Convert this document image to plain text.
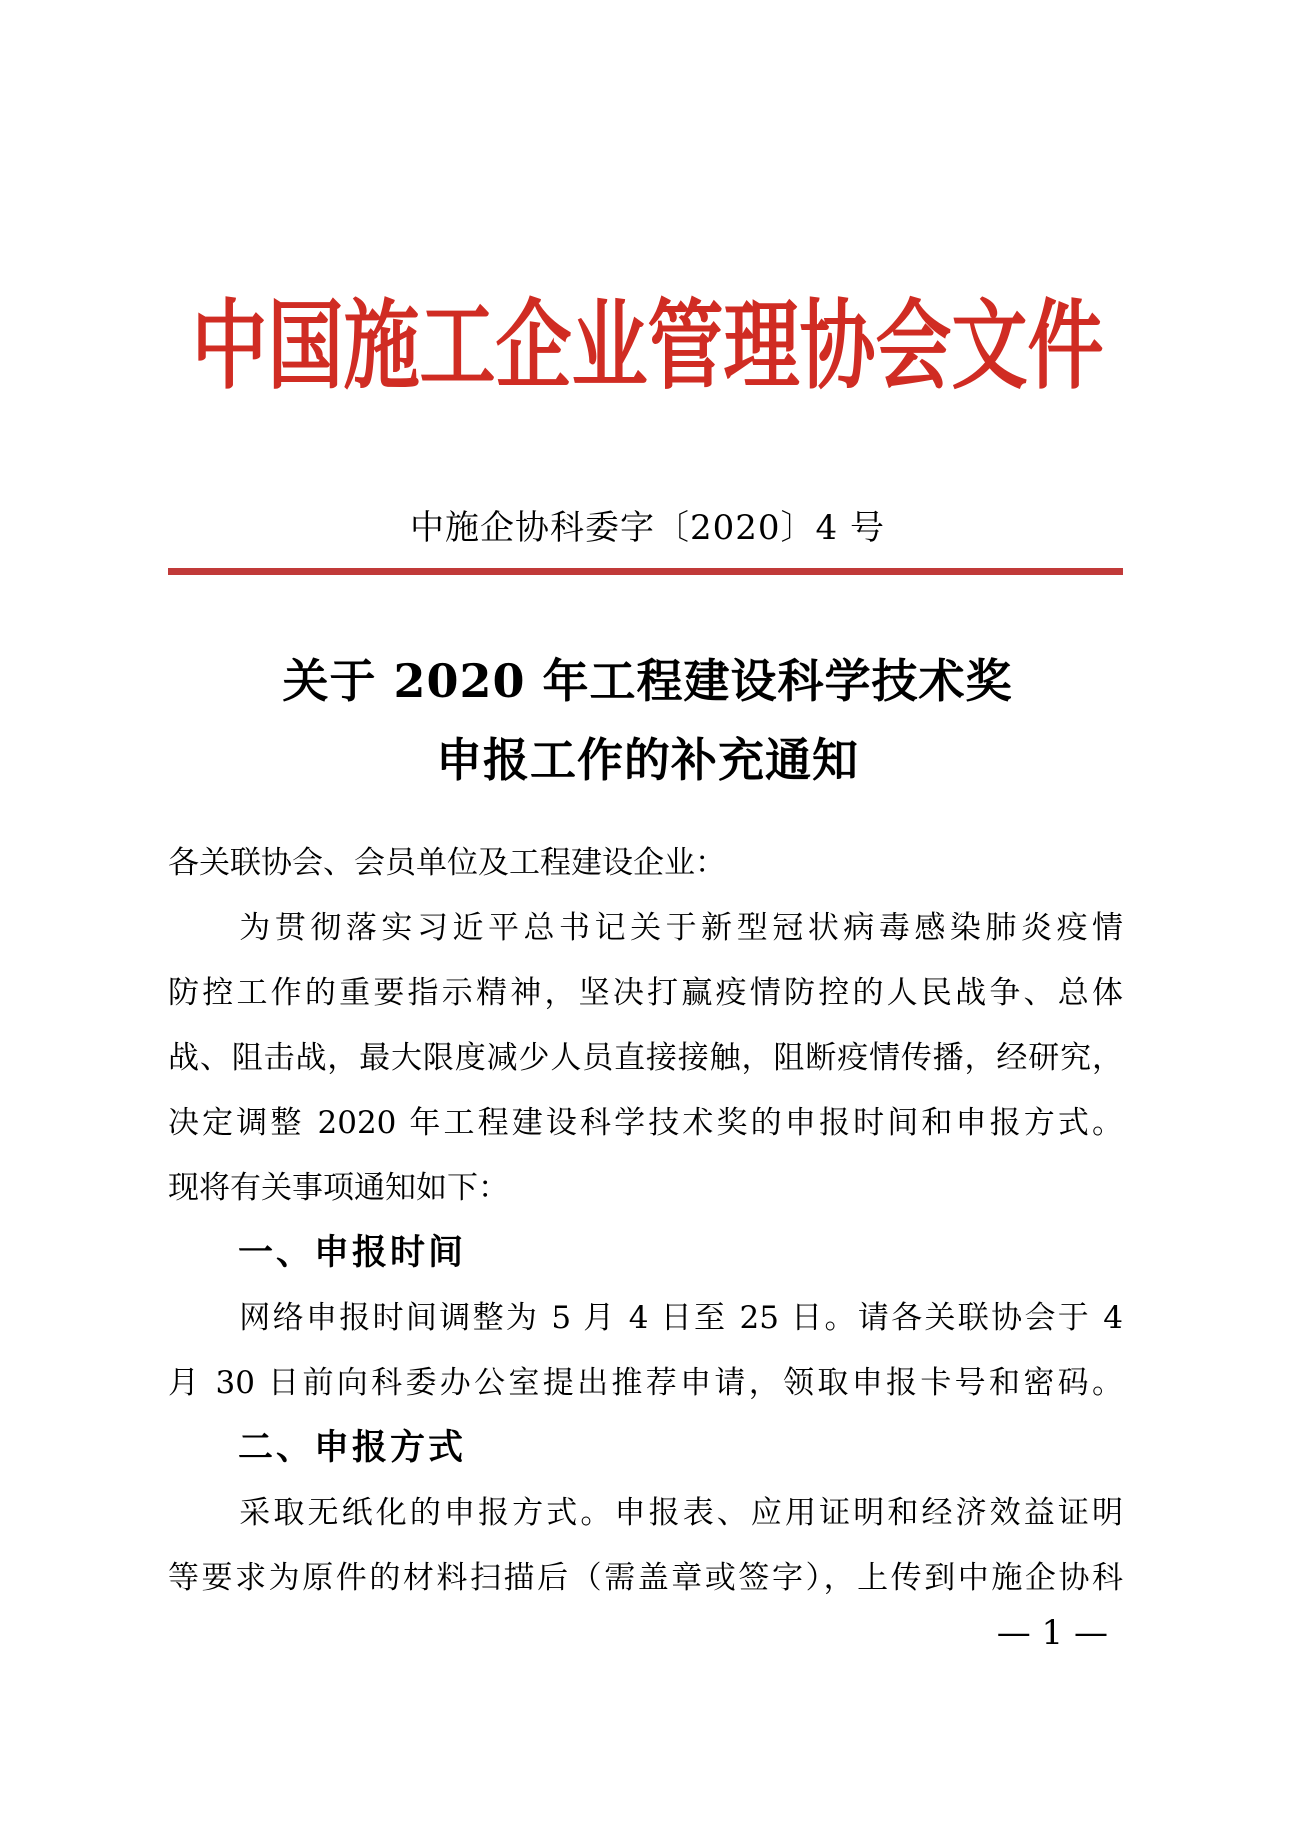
中国施工企业管理协会文件
中施企协科委字〔2020〕4 号
关于 2020 年工程建设科学技术奖
申报工作的补充通知
各关联协会、会员单位及工程建设企业：
为贯彻落实习近平总书记关于新型冠状病毒感染肺炎疫情
防控工作的重要指示精神，坚决打赢疫情防控的人民战争、总体
战、阻击战，最大限度减少人员直接接触，阻断疫情传播，经研究，
决定调整 2020 年工程建设科学技术奖的申报时间和申报方式。
现将有关事项通知如下：
一、申报时间
网络申报时间调整为 5 月 4 日至 25 日。请各关联协会于 4
月 30 日前向科委办公室提出推荐申请，领取申报卡号和密码。
二、申报方式
采取无纸化的申报方式。申报表、应用证明和经济效益证明
等要求为原件的材料扫描后（需盖章或签字），上传到中施企协科
— 1 —
